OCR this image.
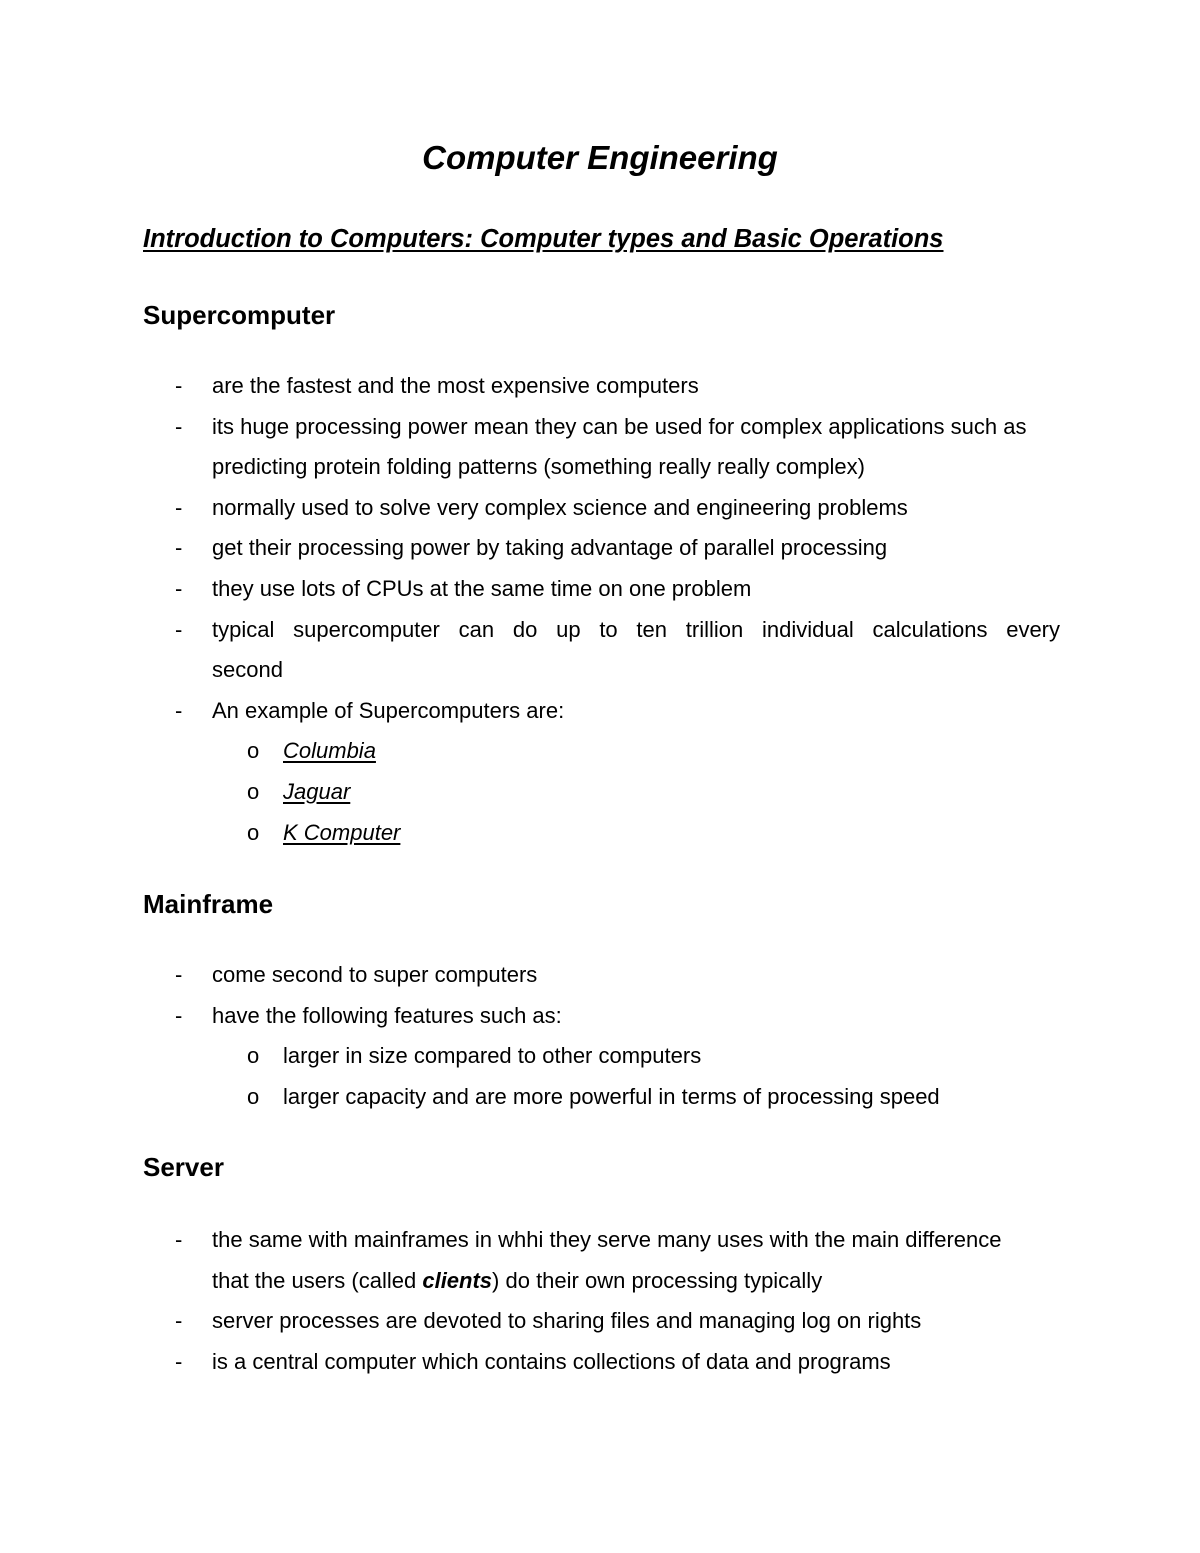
Computer Engineering
Introduction to Computers: Computer types and Basic Operations
Supercomputer
- are the fastest and the most expensive computers
- its huge processing power mean they can be used for complex applications such as predicting protein folding patterns (something really really complex)
- normally used to solve very complex science and engineering problems
- get their processing power by taking advantage of parallel processing
- they use lots of CPUs at the same time on one problem
- typical supercomputer can do up to ten trillion individual calculations every
second
- An example of Supercomputers are:
o Columbia
o Jaguar
o K Computer
Mainframe
- come second to super computers
- have the following features such as:
o larger in size compared to other computers
o larger capacity and are more powerful in terms of processing speed
Server
- the same with mainframes in whhi they serve many uses with the main difference
that the users (called clients) do their own processing typically
- server processes are devoted to sharing files and managing log on rights
- is a central computer which contains collections of data and programs
